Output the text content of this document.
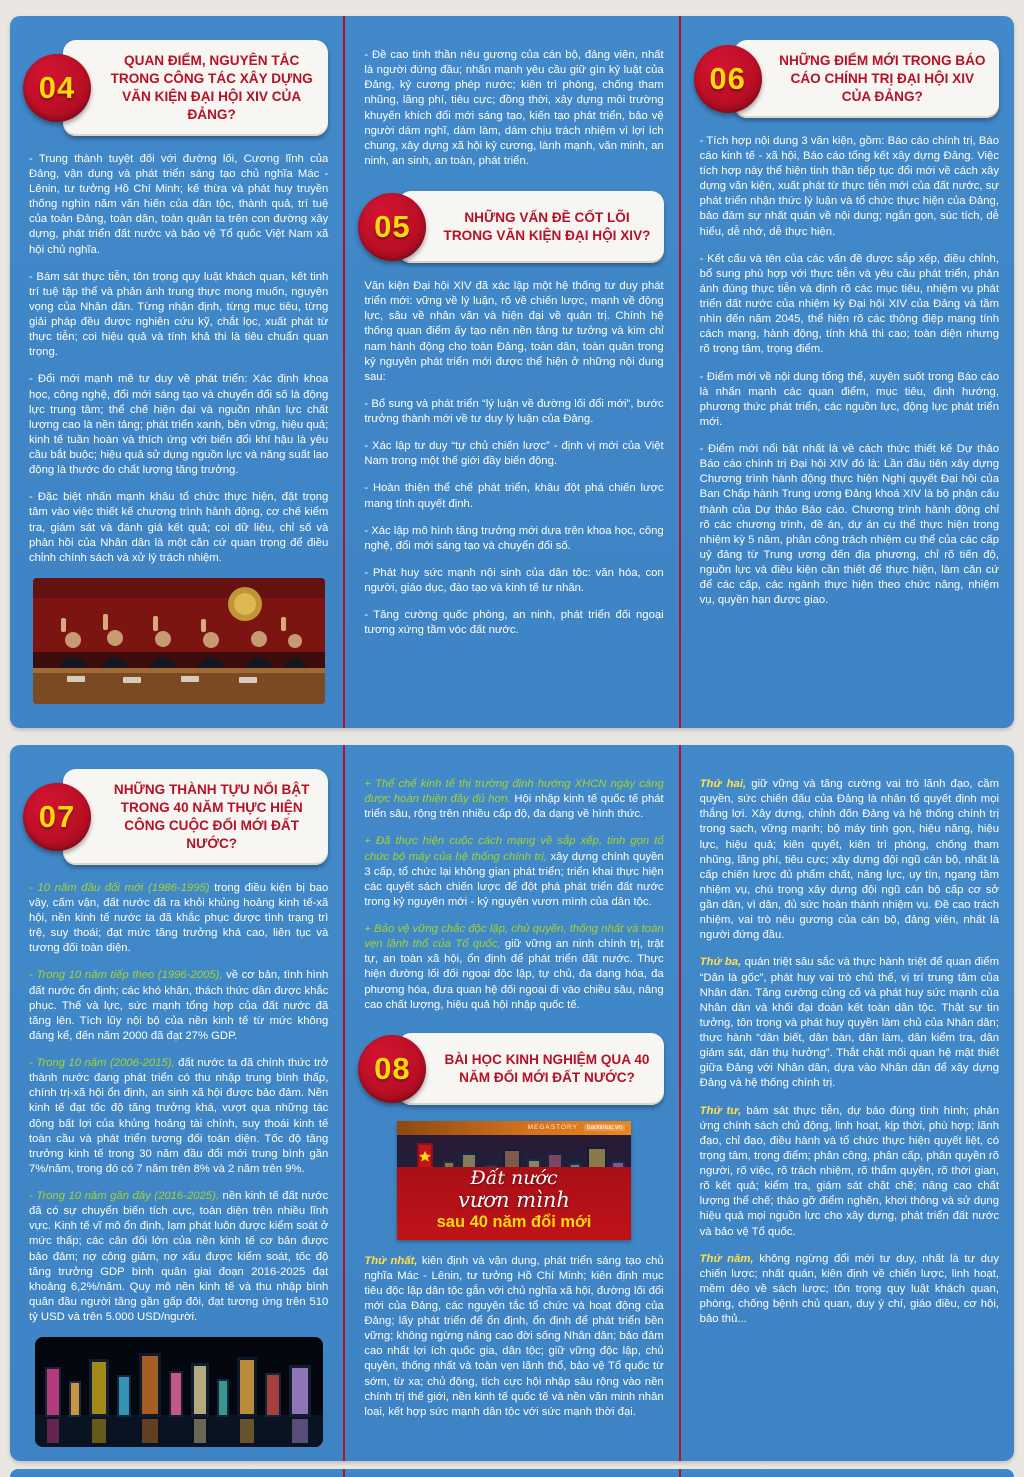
04
QUAN ĐIỂM, NGUYÊN TẮC TRONG CÔNG TÁC XÂY DỰNG VĂN KIỆN ĐẠI HỘI XIV CỦA ĐẢNG?

- Trung thành tuyệt đối với đường lối, Cương lĩnh của Đảng, vận dụng và phát triển sáng tạo chủ nghĩa Mác - Lênin, tư tưởng Hồ Chí Minh; kế thừa và phát huy truyền thống nghìn năm văn hiến của dân tộc, thành quả, trí tuệ của toàn Đảng, toàn dân, toàn quân ta trên con đường xây dựng, phát triển đất nước và bảo vệ Tổ quốc Việt Nam xã hội chủ nghĩa.

- Bám sát thực tiễn, tôn trọng quy luật khách quan, kết tinh trí tuệ tập thể và phản ánh trung thực mong muốn, nguyện vọng của Nhân dân. Từng nhận định, từng mục tiêu, từng giải pháp đều được nghiên cứu kỹ, chắt lọc, xuất phát từ thực tiễn; coi hiệu quả và tính khả thi là tiêu chuẩn quan trọng.

- Đổi mới mạnh mẽ tư duy về phát triển: Xác định khoa học, công nghệ, đổi mới sáng tạo và chuyển đổi số là động lực trung tâm; thể chế hiện đại và nguồn nhân lực chất lượng cao là nền tảng; phát triển xanh, bền vững, hiệu quả; kinh tế tuần hoàn và thích ứng với biến đổi khí hậu là yêu cầu bắt buộc; hiệu quả sử dụng nguồn lực và năng suất lao động là thước đo chất lượng tăng trưởng.

- Đặc biệt nhấn mạnh khâu tổ chức thực hiện, đặt trọng tâm vào việc thiết kế chương trình hành động, cơ chế kiểm tra, giám sát và đánh giá kết quả; coi dữ liệu, chỉ số và phản hồi của Nhân dân là một căn cứ quan trọng để điều chỉnh chính sách và xử lý trách nhiệm.

- Đề cao tinh thần nêu gương của cán bộ, đảng viên, nhất là người đứng đầu; nhấn mạnh yêu cầu giữ gìn kỷ luật của Đảng, kỷ cương phép nước; kiên trì phòng, chống tham nhũng, lãng phí, tiêu cực; đồng thời, xây dựng môi trường khuyến khích đổi mới sáng tạo, kiến tạo phát triển, bảo vệ người dám nghĩ, dám làm, dám chịu trách nhiệm vì lợi ích chung, xây dựng xã hội kỷ cương, lành mạnh, văn minh, an ninh, an sinh, an toàn, phát triển.

05	NHỮNG VẤN ĐỀ CỐT LÕI TRONG VĂN KIỆN ĐẠI HỘI XIV?

Văn kiện Đại hội XIV đã xác lập một hệ thống tư duy phát triển mới: vững về lý luận, rõ về chiến lược, mạnh về động lực, sâu về nhân văn và hiện đại về quản trị. Chính hệ thống quan điểm ấy tạo nên nền tảng tư tưởng và kim chỉ nam hành động cho toàn Đảng, toàn dân, toàn quân trong kỷ nguyên phát triển mới được thể hiện ở những nội dung sau:

- Bổ sung và phát triển “lý luận về đường lối đổi mới”, bước trưởng thành mới về tư duy lý luận của Đảng.

- Xác lập tư duy “tự chủ chiến lược” - định vị mới của Việt Nam trong một thế giới đầy biến động.

- Hoàn thiện thể chế phát triển, khâu đột phá chiến lược mang tính quyết định.

- Xác lập mô hình tăng trưởng mới dựa trên khoa học, công nghệ, đổi mới sáng tạo và chuyển đổi số.

- Phát huy sức mạnh nội sinh của dân tộc: văn hóa, con người, giáo dục, đào tạo và kinh tế tư nhân.

- Tăng cường quốc phòng, an ninh, phát triển đối ngoại tương xứng tầm vóc đất nước.

06
NHỮNG ĐIỂM MỚI TRONG BÁO CÁO CHÍNH TRỊ ĐẠI HỘI XIV CỦA ĐẢNG?

- Tích hợp nội dung 3 văn kiện, gồm: Báo cáo chính trị, Báo cáo kinh tế - xã hội, Báo cáo tổng kết xây dựng Đảng. Việc tích hợp này thể hiện tinh thần tiếp tục đổi mới về cách xây dựng văn kiện, xuất phát từ thực tiễn mới của đất nước, sự phát triển nhận thức lý luận và tổ chức thực hiện của Đảng, bảo đảm sự nhất quán về nội dung; ngắn gọn, súc tích, dễ hiểu, dễ nhớ, dễ thực hiện.

- Kết cấu và tên của các vấn đề được sắp xếp, điều chỉnh, bổ sung phù hợp với thực tiễn và yêu cầu phát triển, phản ánh đúng thực tiễn và định rõ các mục tiêu, nhiệm vụ phát triển đất nước của nhiệm kỳ Đại hội XIV của Đảng và tầm nhìn đến năm 2045, thể hiện rõ các thông điệp mang tính cách mạng, hành động, tính khả thi cao; toàn diện nhưng rõ trọng tâm, trọng điểm.

- Điểm mới về nội dung tổng thể, xuyên suốt trong Báo cáo là nhấn mạnh các quan điểm, mục tiêu, định hướng, phương thức phát triển, các nguồn lực, động lực phát triển mới.

- Điểm mới nổi bật nhất là về cách thức thiết kế Dự thảo Báo cáo chính trị Đại hội XIV đó là: Lần đầu tiên xây dựng Chương trình hành động thực hiện Nghị quyết Đại hội của Ban Chấp hành Trung ương Đảng khoá XIV là bộ phận cấu thành của Dự thảo Báo cáo. Chương trình hành động chỉ rõ các chương trình, đề án, dự án cụ thể thực hiện trong nhiệm kỳ 5 năm, phân công trách nhiệm cụ thể của các cấp uỷ đảng từ Trung ương đến địa phương, chỉ rõ tiến độ, nguồn lực và điều kiện cần thiết để thực hiện, làm căn cứ để các cấp, các ngành thực hiện theo chức năng, nhiệm vụ, quyền hạn được giao.

07
NHỮNG THÀNH TỰU NỔI BẬT TRONG 40 NĂM THỰC HIỆN CÔNG CUỘC ĐỔI MỚI ĐẤT NƯỚC?

- 10 năm đầu đổi mới (1986-1995) trong điều kiện bị bao vây, cấm vận, đất nước đã ra khỏi khủng hoảng kinh tế-xã hội, nền kinh tế nước ta đã khắc phục được tình trạng trì trệ, suy thoái; đạt mức tăng trưởng khá cao, liên tục và tương đối toàn diện.

- Trong 10 năm tiếp theo (1996-2005), về cơ bản, tình hình đất nước ổn định; các khó khăn, thách thức dần được khắc phục. Thế và lực, sức mạnh tổng hợp của đất nước đã tăng lên. Tích lũy nội bộ của nền kinh tế từ mức không đáng kể, đến năm 2000 đã đạt 27% GDP.

- Trong 10 năm (2006-2015), đất nước ta đã chính thức trở thành nước đang phát triển có thu nhập trung bình thấp, chính trị-xã hội ổn định, an sinh xã hội được bảo đảm. Nền kinh tế đạt tốc độ tăng trưởng khá, vượt qua những tác động bất lợi của khủng hoảng tài chính, suy thoái kinh tế toàn cầu và phát triển tương đối toàn diện. Tốc độ tăng trưởng kinh tế trong 30 năm đầu đổi mới trung bình gần 7%/năm, trong đó có 7 năm trên 8% và 2 năm trên 9%.

- Trong 10 năm gần đây (2016-2025), nền kinh tế đất nước đã có sự chuyển biến tích cực, toàn diện trên nhiều lĩnh vực. Kinh tế vĩ mô ổn định, lạm phát luôn được kiểm soát ở mức thấp; các cân đối lớn của nền kinh tế cơ bản được bảo đảm; nợ công giảm, nợ xấu được kiểm soát, tốc độ tăng trưởng GDP bình quân giai đoạn 2016-2025 đạt khoảng 6,2%/năm. Quy mô nền kinh tế và thu nhập bình quân đầu người tăng gần gấp đôi, đạt tương ứng trên 510 tỷ USD và trên 5.000 USD/người.

+ Thể chế kinh tế thị trường định hướng XHCN ngày càng được hoàn thiện đầy đủ hơn. Hội nhập kinh tế quốc tế phát triển sâu, rộng trên nhiều cấp độ, đa dạng về hình thức.

+ Đã thực hiện cuộc cách mạng về sắp xếp, tinh gọn tổ chức bộ máy của hệ thống chính trị, xây dựng chính quyền 3 cấp, tổ chức lại không gian phát triển; triển khai thực hiện các quyết sách chiến lược để đột phá phát triển đất nước trong kỷ nguyên mới - kỷ nguyên vươn mình của dân tộc.

+ Bảo vệ vững chắc độc lập, chủ quyền, thống nhất và toàn vẹn lãnh thổ của Tổ quốc, giữ vững an ninh chính trị, trật tự, an toàn xã hội, ổn định để phát triển đất nước. Thực hiện đường lối đối ngoại độc lập, tự chủ, đa dạng hóa, đa phương hóa, đưa quan hệ đối ngoại đi vào chiều sâu, nâng cao chất lượng, hiệu quả hội nhập quốc tế.

08	BÀI HỌC KINH NGHIỆM QUA 40 NĂM ĐỔI MỚI ĐẤT NƯỚC?
MEGASTORY	baotintuc.vn
Đất nước
vươn mình
sau 40 năm đổi mới

Thứ nhất, kiên định và vận dụng, phát triển sáng tạo chủ nghĩa Mác - Lênin, tư tưởng Hồ Chí Minh; kiên định mục tiêu độc lập dân tộc gắn với chủ nghĩa xã hội, đường lối đổi mới của Đảng, các nguyên tắc tổ chức và hoạt động của Đảng; lấy phát triển để ổn định, ổn định để phát triển bền vững; không ngừng nâng cao đời sống Nhân dân; bảo đảm cao nhất lợi ích quốc gia, dân tộc; giữ vững độc lập, chủ quyền, thống nhất và toàn vẹn lãnh thổ, bảo vệ Tổ quốc từ sớm, từ xa; chủ động, tích cực hội nhập sâu rộng vào nền chính trị thế giới, nền kinh tế quốc tế và nền văn minh nhân loại, kết hợp sức mạnh dân tộc với sức mạnh thời đại.

Thứ hai, giữ vững và tăng cường vai trò lãnh đạo, cầm quyền, sức chiến đấu của Đảng là nhân tố quyết định mọi thắng lợi. Xây dựng, chỉnh đốn Đảng và hệ thống chính trị trong sạch, vững mạnh; bộ máy tinh gọn, hiệu năng, hiệu lực, hiệu quả; kiên quyết, kiên trì phòng, chống tham nhũng, lãng phí, tiêu cực; xây dựng đội ngũ cán bộ, nhất là cấp chiến lược đủ phẩm chất, năng lực, uy tín, ngang tầm nhiệm vụ, chú trọng xây dựng đội ngũ cán bộ cấp cơ sở gần dân, vì dân, đủ sức hoàn thành nhiệm vụ. Đề cao trách nhiệm, vai trò nêu gương của cán bộ, đảng viên, nhất là người đứng đầu.

Thứ ba, quán triệt sâu sắc và thực hành triệt để quan điểm “Dân là gốc”, phát huy vai trò chủ thể, vị trí trung tâm của Nhân dân. Tăng cường củng cố và phát huy sức mạnh của Nhân dân và khối đại đoàn kết toàn dân tộc. Thật sự tin tưởng, tôn trọng và phát huy quyền làm chủ của Nhân dân; thực hành “dân biết, dân bàn, dân làm, dân kiểm tra, dân giám sát, dân thụ hưởng”. Thắt chặt mối quan hệ mật thiết giữa Đảng với Nhân dân, dựa vào Nhân dân để xây dựng Đảng và hệ thống chính trị.

Thứ tư, bám sát thực tiễn, dự báo đúng tình hình; phản ứng chính sách chủ động, linh hoạt, kịp thời, phù hợp; lãnh đạo, chỉ đạo, điều hành và tổ chức thực hiện quyết liệt, có trọng tâm, trọng điểm; phân công, phân cấp, phân quyền rõ người, rõ việc, rõ trách nhiệm, rõ thẩm quyền, rõ thời gian, rõ kết quả; kiểm tra, giám sát chặt chẽ; nâng cao chất lượng thể chế; tháo gỡ điểm nghẽn, khơi thông và sử dụng hiệu quả mọi nguồn lực cho xây dựng, phát triển đất nước và bảo vệ Tổ quốc.

Thứ năm, không ngừng đổi mới tư duy, nhất là tư duy chiến lược; nhất quán, kiên định về chiến lược, linh hoạt, mềm dẻo về sách lược; tôn trọng quy luật khách quan, phòng, chống bệnh chủ quan, duy ý chí, giáo điều, cơ hội, bảo thủ...
